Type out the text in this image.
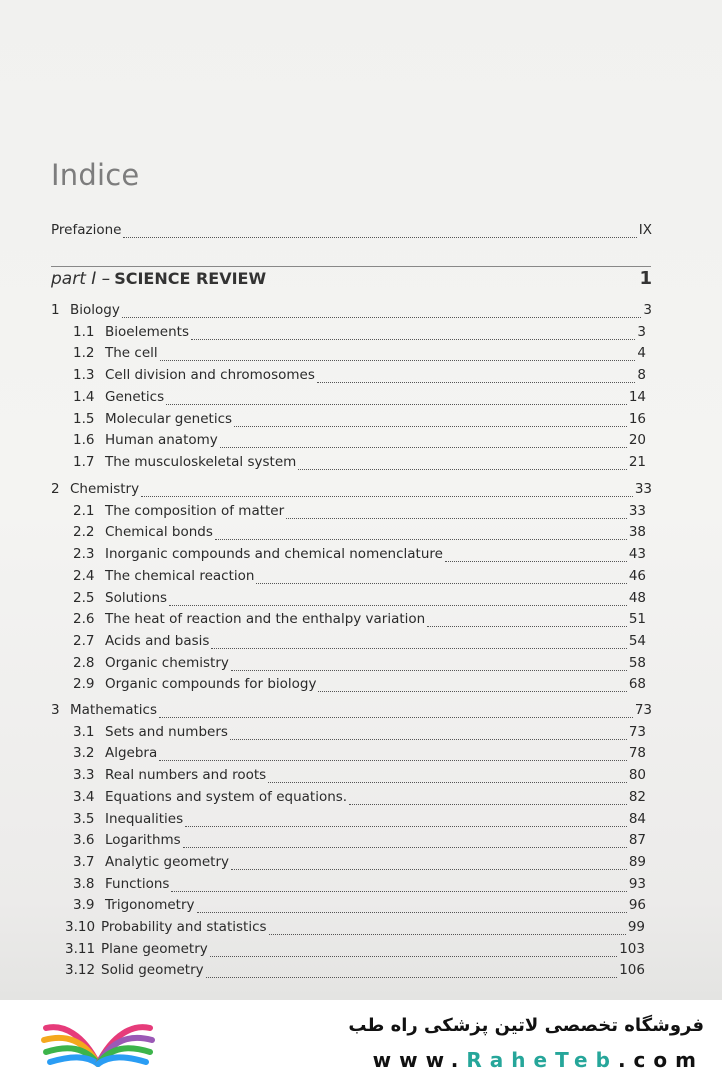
Indice
Prefazione	IX
part I – SCIENCE REVIEW	1
1 Biology	3
1.1 Bioelements	3
1.2 The cell	4
1.3 Cell division and chromosomes	8
1.4 Genetics	14
1.5 Molecular genetics	16
1.6 Human anatomy	20
1.7 The musculoskeletal system	21
2 Chemistry	33
2.1 The composition of matter	33
2.2 Chemical bonds	38
2.3 Inorganic compounds and chemical nomenclature	43
2.4 The chemical reaction	46
2.5 Solutions	48
2.6 The heat of reaction and the enthalpy variation	51
2.7 Acids and basis	54
2.8 Organic chemistry	58
2.9 Organic compounds for biology	68
3 Mathematics	73
3.1 Sets and numbers	73
3.2 Algebra	78
3.3 Real numbers and roots	80
3.4 Equations and system of equations.	82
3.5 Inequalities	84
3.6 Logarithms	87
3.7 Analytic geometry	89
3.8 Functions	93
3.9 Trigonometry	96
3.10 Probability and statistics	99
3.11 Plane geometry	103
3.12 Solid geometry	106
فروشگاه تخصصی لاتین پزشکی راه طب
www.RaheTeb.com
